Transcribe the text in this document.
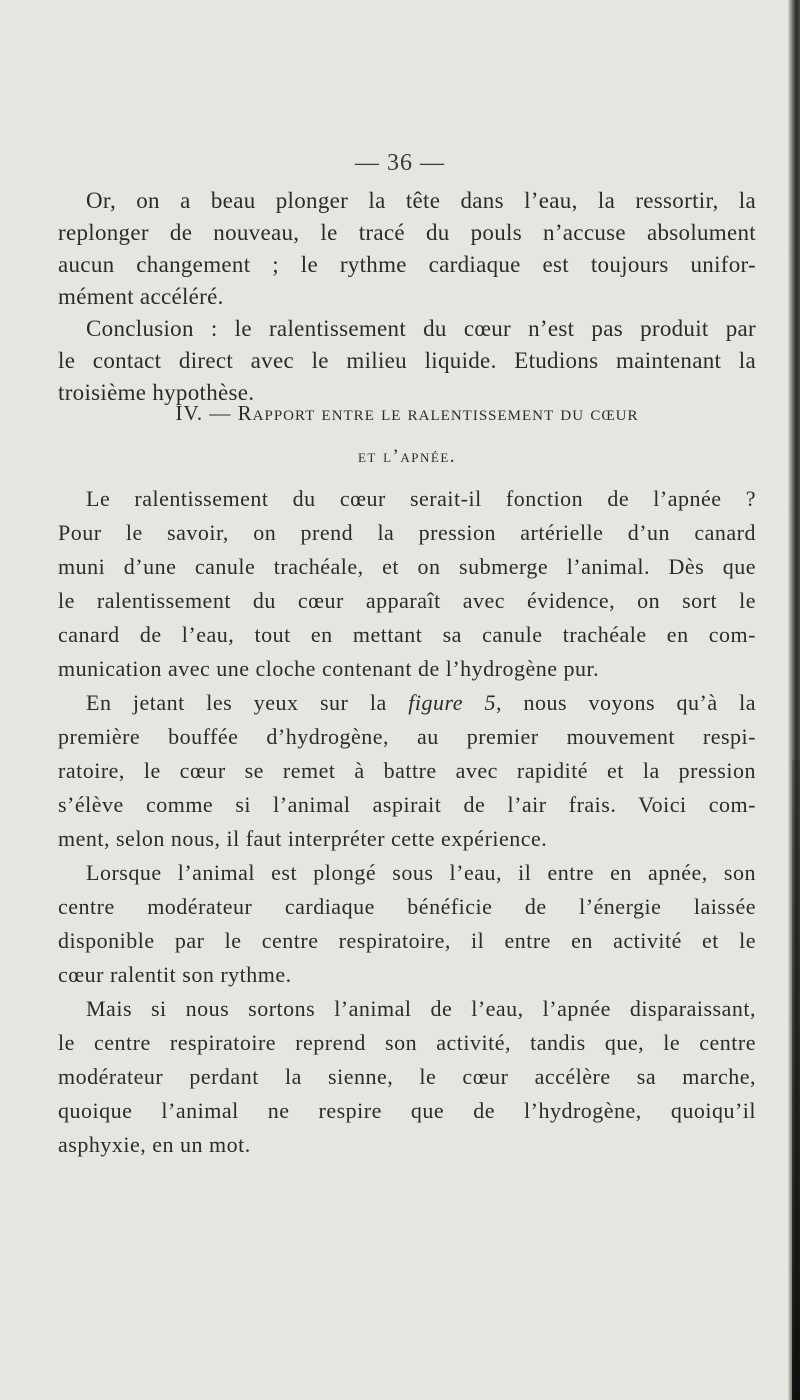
— 36 —
Or, on a beau plonger la tête dans l’eau, la ressortir, la
replonger de nouveau, le tracé du pouls n’accuse absolument
aucun changement ; le rythme cardiaque est toujours unifor-
mément accéléré.
Conclusion : le ralentissement du cœur n’est pas produit par
le contact direct avec le milieu liquide. Etudions maintenant la
troisième hypothèse.
IV. — Rapport entre le ralentissement du cœur
et l’apnée.
Le ralentissement du cœur serait-il fonction de l’apnée ?
Pour le savoir, on prend la pression artérielle d’un canard
muni d’une canule trachéale, et on submerge l’animal. Dès que
le ralentissement du cœur apparaît avec évidence, on sort le
canard de l’eau, tout en mettant sa canule trachéale en com-
munication avec une cloche contenant de l’hydrogène pur.
En jetant les yeux sur la figure 5, nous voyons qu’à la
première bouffée d’hydrogène, au premier mouvement respi-
ratoire, le cœur se remet à battre avec rapidité et la pression
s’élève comme si l’animal aspirait de l’air frais. Voici com-
ment, selon nous, il faut interpréter cette expérience.
Lorsque l’animal est plongé sous l’eau, il entre en apnée, son
centre modérateur cardiaque bénéficie de l’énergie laissée
disponible par le centre respiratoire, il entre en activité et le
cœur ralentit son rythme.
Mais si nous sortons l’animal de l’eau, l’apnée disparaissant,
le centre respiratoire reprend son activité, tandis que, le centre
modérateur perdant la sienne, le cœur accélère sa marche,
quoique l’animal ne respire que de l’hydrogène, quoiqu’il
asphyxie, en un mot.
